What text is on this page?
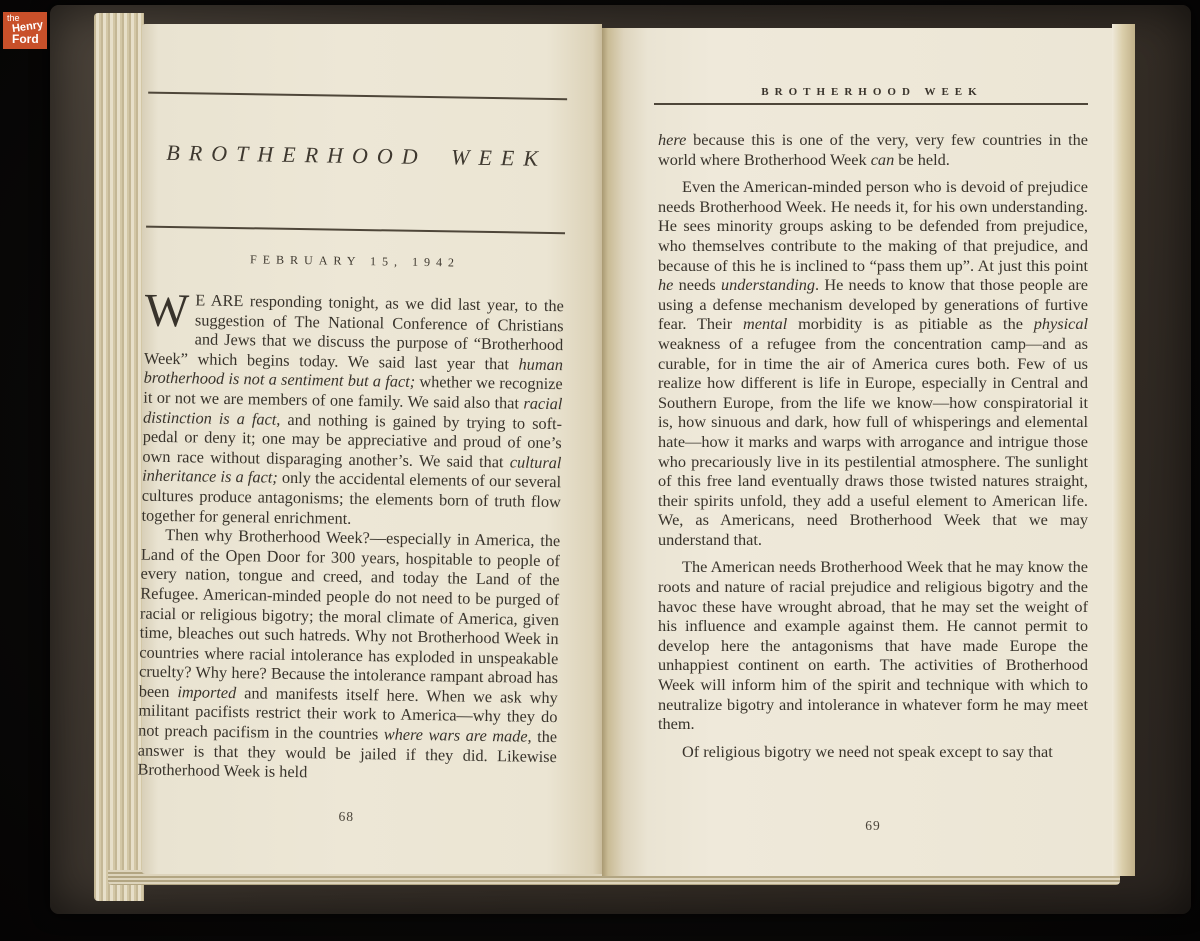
BROTHERHOOD WEEK
FEBRUARY 15, 1942

W E ARE responding tonight, as we did last year, to the suggestion of The National Conference of Christians and Jews that we discuss the purpose of “Brotherhood Week” which begins today. We said last year that human brotherhood is not a sentiment but a fact; whether we recognize it or not we are members of one family. We said also that racial distinction is a fact, and nothing is gained by trying to soft-pedal or deny it; one may be appreciative and proud of one’s own race without disparaging another’s. We said that cultural inheritance is a fact; only the accidental elements of our several cultures produce antagonisms; the elements born of truth flow together for general enrichment.

Then why Brotherhood Week?—especially in America, the Land of the Open Door for 300 years, hospitable to people of every nation, tongue and creed, and today the Land of the Refugee. American-minded people do not need to be purged of racial or religious bigotry; the moral climate of America, given time, bleaches out such hatreds. Why not Brotherhood Week in countries where racial intolerance has exploded in unspeakable cruelty? Why here? Because the intolerance rampant abroad has been imported and manifests itself here. When we ask why militant pacifists restrict their work to America—why they do not preach pacifism in the countries where wars are made, the answer is that they would be jailed if they did. Likewise Brotherhood Week is held

68
BROTHERHOOD WEEK

here because this is one of the very, very few countries in the world where Brotherhood Week can be held.

Even the American-minded person who is devoid of prejudice needs Brotherhood Week. He needs it, for his own understanding. He sees minority groups asking to be defended from prejudice, who themselves contribute to the making of that prejudice, and because of this he is inclined to “pass them up”. At just this point he needs understanding. He needs to know that those people are using a defense mechanism developed by generations of furtive fear. Their mental morbidity is as pitiable as the physical weakness of a refugee from the concentration camp—and as curable, for in time the air of America cures both. Few of us realize how different is life in Europe, especially in Central and Southern Europe, from the life we know—how conspiratorial it is, how sinuous and dark, how full of whisperings and elemental hate—how it marks and warps with arrogance and intrigue those who precariously live in its pestilential atmosphere. The sunlight of this free land eventually draws those twisted natures straight, their spirits unfold, they add a useful element to American life. We, as Americans, need Brotherhood Week that we may understand that.

The American needs Brotherhood Week that he may know the roots and nature of racial prejudice and religious bigotry and the havoc these have wrought abroad, that he may set the weight of his influence and example against them. He cannot permit to develop here the antagonisms that have made Europe the unhappiest continent on earth. The activities of Brotherhood Week will inform him of the spirit and technique with which to neutralize bigotry and intolerance in whatever form he may meet them.

Of religious bigotry we need not speak except to say that

69
the
Henry
Ford
